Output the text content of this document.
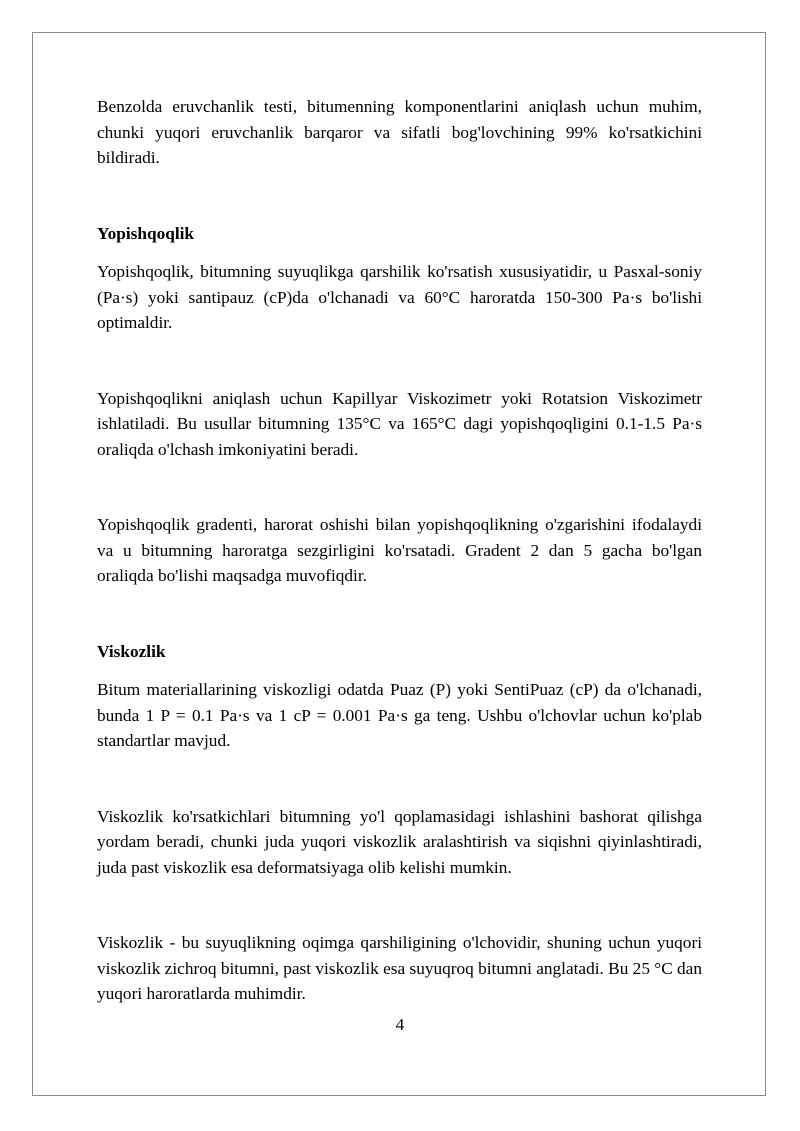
Benzolda eruvchanlik testi, bitumenning komponentlarini aniqlash uchun muhim, chunki yuqori eruvchanlik barqaror va sifatli bog'lovchining 99% ko'rsatkichini bildiradi.

Yopishqoqlik

Yopishqoqlik, bitumning suyuqlikga qarshilik ko'rsatish xususiyatidir, u Pasxal-soniy (Pa·s) yoki santipauz (cP)da o'lchanadi va 60°C haroratda 150-300 Pa·s bo'lishi optimaldir.

Yopishqoqlikni aniqlash uchun Kapillyar Viskozimetr yoki Rotatsion Viskozimetr ishlatiladi. Bu usullar bitumning 135°C va 165°C dagi yopishqoqligini 0.1-1.5 Pa·s oraliqda o'lchash imkoniyatini beradi.

Yopishqoqlik gradenti, harorat oshishi bilan yopishqoqlikning o'zgarishini ifodalaydi va u bitumning haroratga sezgirligini ko'rsatadi. Gradent 2 dan 5 gacha bo'lgan oraliqda bo'lishi maqsadga muvofiqdir.

Viskozlik

Bitum materiallarining viskozligi odatda Puaz (P) yoki SentiPuaz (cP) da o'lchanadi, bunda 1 P = 0.1 Pa·s va 1 cP = 0.001 Pa·s ga teng. Ushbu o'lchovlar uchun ko'plab standartlar mavjud.

Viskozlik ko'rsatkichlari bitumning yo'l qoplamasidagi ishlashini bashorat qilishga yordam beradi, chunki juda yuqori viskozlik aralashtirish va siqishni qiyinlashtiradi, juda past viskozlik esa deformatsiyaga olib kelishi mumkin.

Viskozlik - bu suyuqlikning oqimga qarshiligining o'lchovidir, shuning uchun yuqori viskozlik zichroq bitumni, past viskozlik esa suyuqroq bitumni anglatadi. Bu 25 °C dan yuqori haroratlarda muhimdir.

4
